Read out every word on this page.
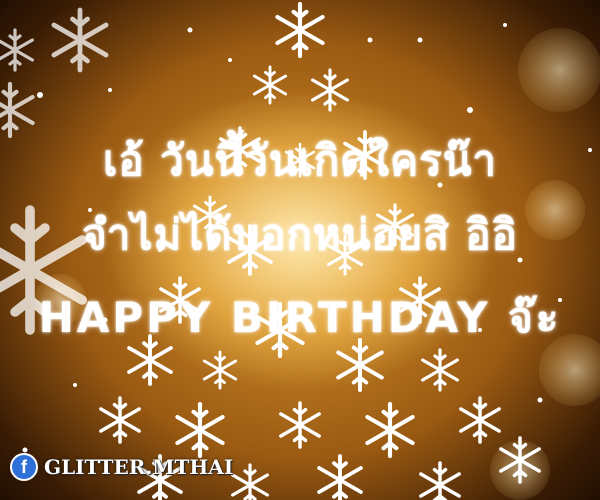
เอ้ วันนี้วันเกิดใครน๊า
จำไม่ได้บอกหน่อยสิ อิอิ
HAPPY BIRTHDAY จ๊ะ
f GLITTER.MTHAI
